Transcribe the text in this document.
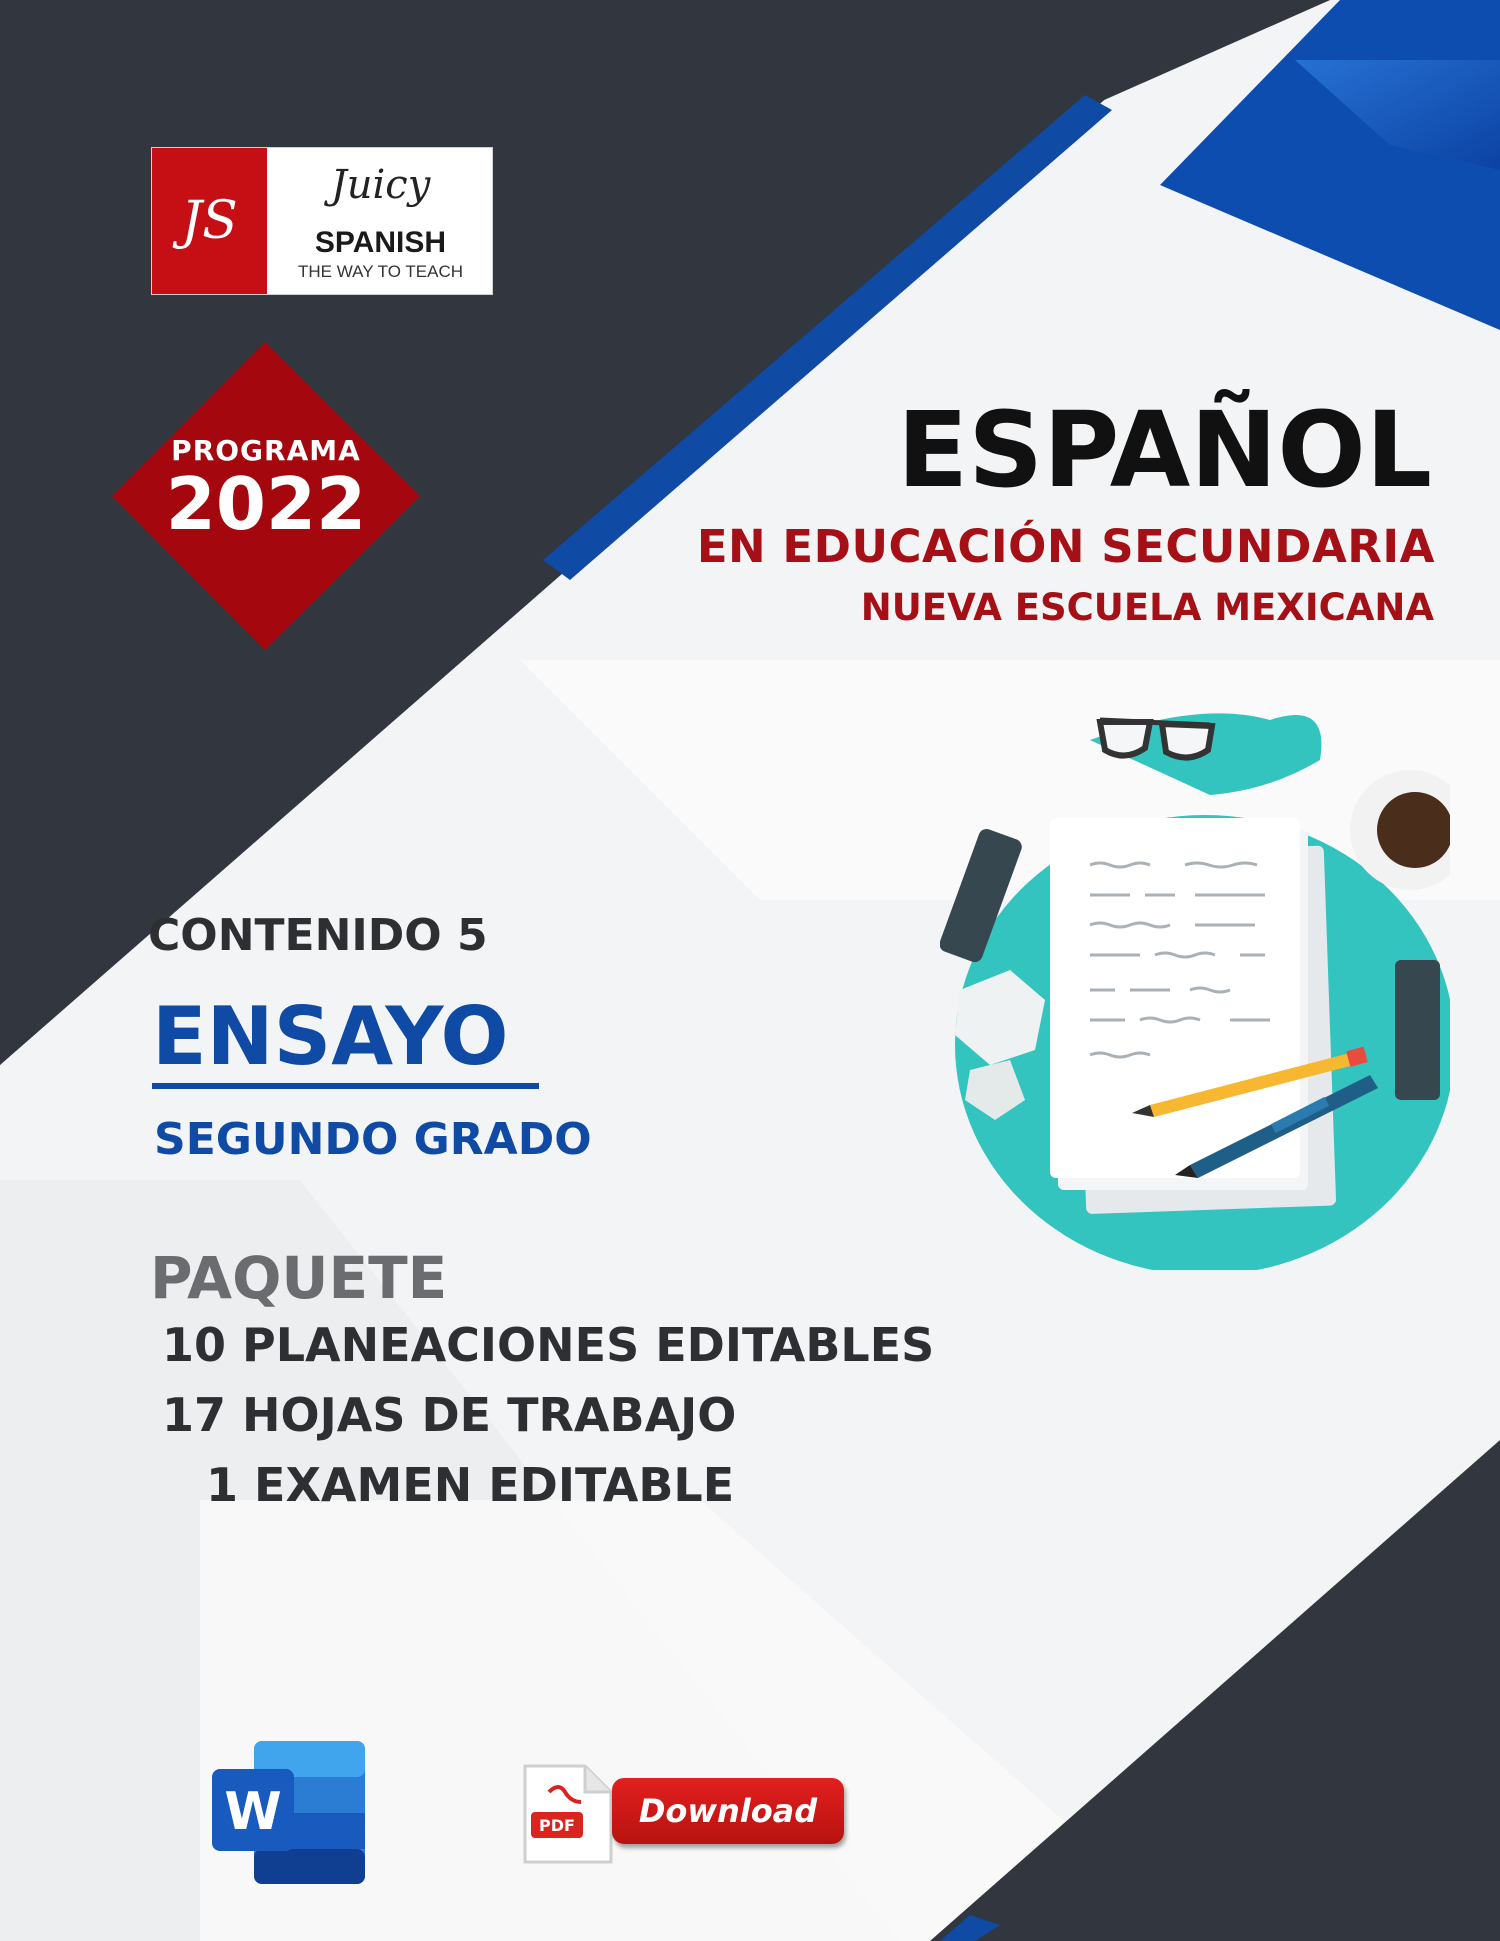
JS
Juicy
SPANISH
THE WAY TO TEACH
PROGRAMA
2022	ESPAÑOL
EN EDUCACIÓN SECUNDARIA
NUEVA ESCUELA MEXICANA
CONTENIDO 5
ENSAYO
SEGUNDO GRADO
PAQUETE
10 PLANEACIONES EDITABLES
17 HOJAS DE TRABAJO
1 EXAMEN EDITABLE
W	PDF	Download
